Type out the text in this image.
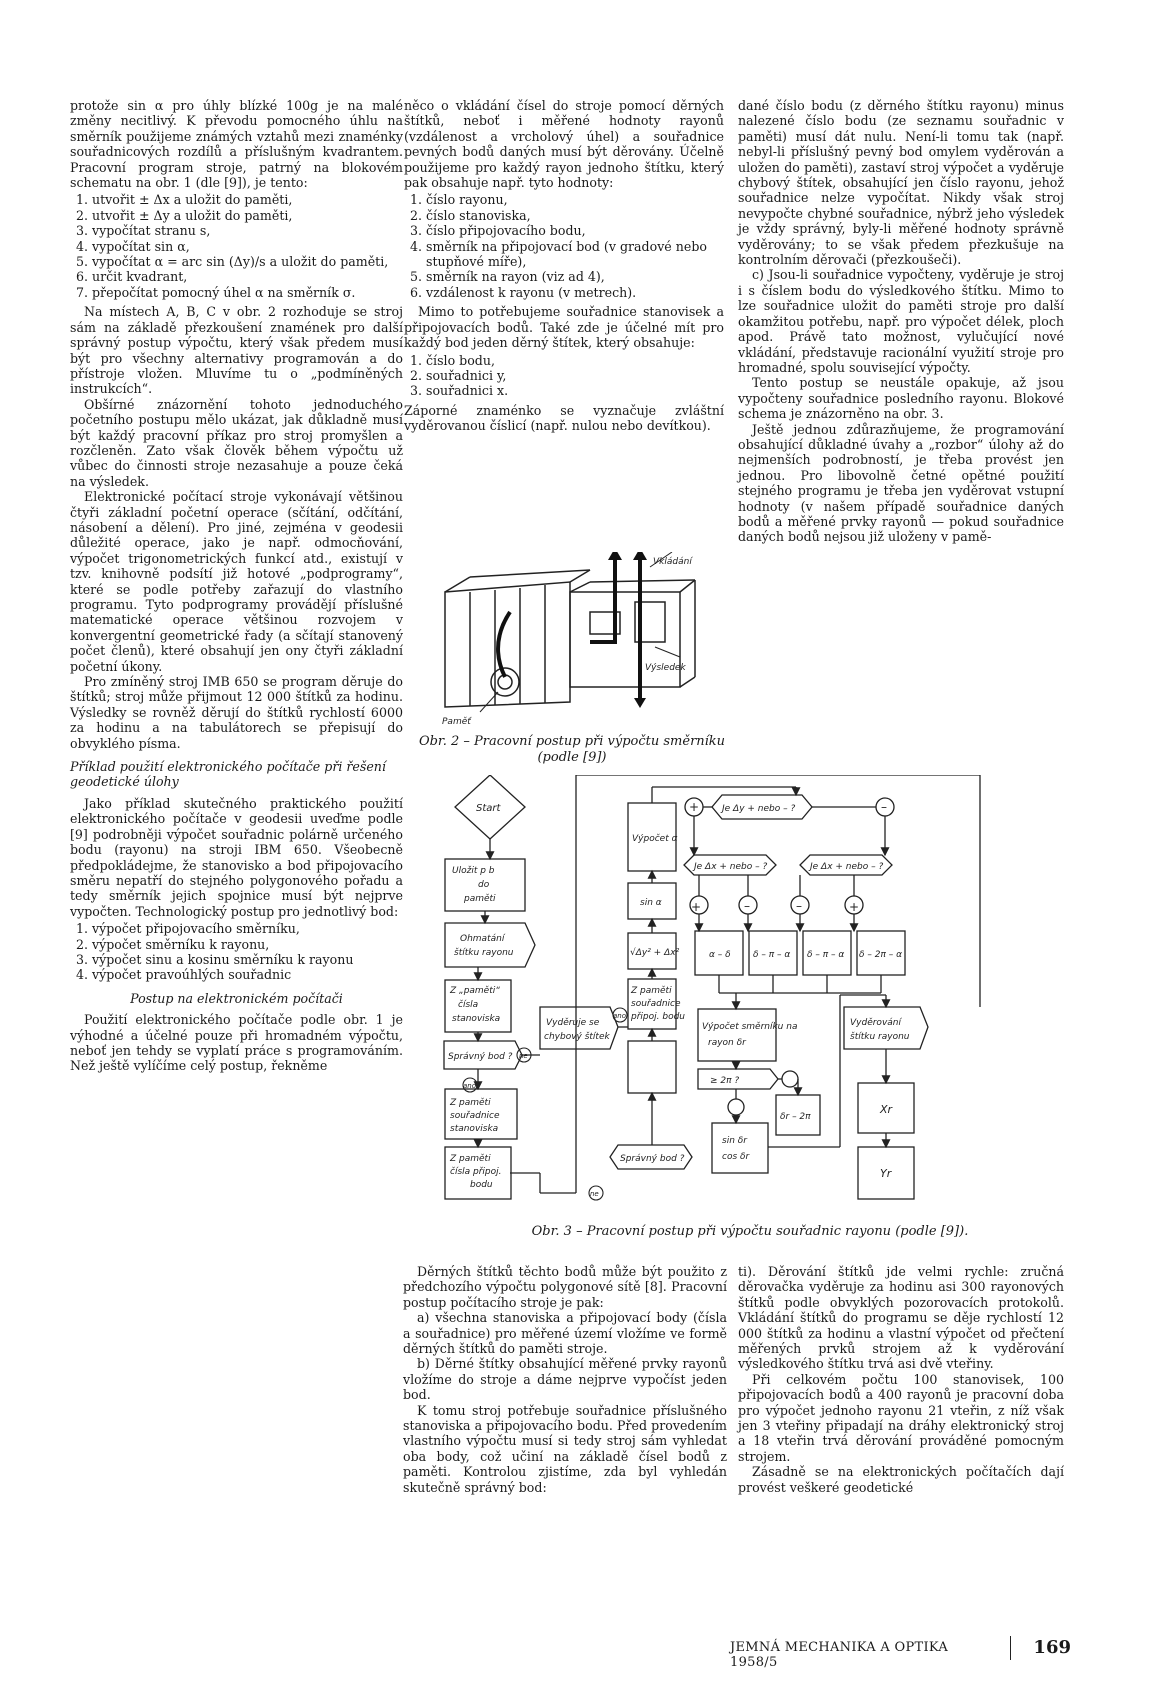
protože sin α pro úhly blízké 100g je na malé změny necitlivý. K převodu pomocného úhlu na směrník použijeme známých vztahů mezi znaménky souřadnicových rozdílů a příslušným kvadrantem. Pracovní program stroje, patrný na blokovém schematu na obr. 1 (dle [9]), je tento:

1. utvořit ± Δx a uložit do paměti,
2. utvořit ± Δy a uložit do paměti,
3. vypočítat stranu s,
4. vypočítat sin α,
5. vypočítat α = arc sin (Δy)/s a uložit do paměti,
6. určit kvadrant,
7. přepočítat pomocný úhel α na směrník σ.

Na místech A, B, C v obr. 2 rozhoduje se stroj sám na základě přezkoušení znamének pro další správný postup výpočtu, který však předem musí být pro všechny alternativy programován a do přístroje vložen. Mluvíme tu o „podmíněných instrukcích“.

Obšírné znázornění tohoto jednoduchého početního postupu mělo ukázat, jak důkladně musí být každý pracovní příkaz pro stroj promyšlen a rozčleněn. Zato však člověk během výpočtu už vůbec do činnosti stroje nezasahuje a pouze čeká na výsledek.

Elektronické počítací stroje vykonávají většinou čtyři základní početní operace (sčítání, odčítání, násobení a dělení). Pro jiné, zejména v geodesii důležité operace, jako je např. odmocňování, výpočet trigonometrických funkcí atd., existují v tzv. knihovně podsítí již hotové „podprogramy“, které se podle potřeby zařazují do vlastního programu. Tyto podprogramy provádějí příslušné matematické operace většinou rozvojem v konvergentní geometrické řady (a sčítají stanovený počet členů), které obsahují jen ony čtyři základní početní úkony.

Pro zmíněný stroj IMB 650 se program děruje do štítků; stroj může přijmout 12 000 štítků za hodinu. Výsledky se rovněž děrují do štítků rychlostí 6000 za hodinu a na tabulátorech se přepisují do obvyklého písma.

Příklad použití elektronického počítače při řešení geodetické úlohy

Jako příklad skutečného praktického použití elektronického počítače v geodesii uveďme podle [9] podrobněji výpočet souřadnic polárně určeného bodu (rayonu) na stroji IBM 650. Všeobecně předpokládejme, že stanovisko a bod připojovacího směru nepatří do stejného polygonového pořadu a tedy směrník jejich spojnice musí být nejprve vypočten. Technologický postup pro jednotlivý bod:

1. výpočet připojovacího směrníku,
2. výpočet směrníku k rayonu,
3. výpočet sinu a kosinu směrníku k rayonu
4. výpočet pravoúhlých souřadnic
Postup na elektronickém počítači

Použití elektronického počítače podle obr. 1 je výhodné a účelné pouze při hromadném výpočtu, neboť jen tehdy se vyplatí práce s programováním. Než ještě vylíčíme celý postup, řekněme

něco o vkládání čísel do stroje pomocí děrných štítků, neboť i měřené hodnoty rayonů (vzdálenost a vrcholový úhel) a souřadnice pevných bodů daných musí být děrovány. Účelně použijeme pro každý rayon jednoho štítku, který pak obsahuje např. tyto hodnoty:

1. číslo rayonu,
2. číslo stanoviska,
3. číslo připojovacího bodu,
4. směrník na připojovací bod (v gradové nebo stupňové míře),
5. směrník na rayon (viz ad 4),
6. vzdálenost k rayonu (v metrech).

Mimo to potřebujeme souřadnice stanovisek a připojovacích bodů. Také zde je účelné mít pro každý bod jeden děrný štítek, který obsahuje:

1. číslo bodu,
2. souřadnici y,
3. souřadnici x.

Záporné znaménko se vyznačuje zvláštní vyděrovanou číslicí (např. nulou nebo devítkou).

Vkládání
Výsledek
Paměť
Obr. 2 – Pracovní postup při výpočtu směrníku (podle [9])

dané číslo bodu (z děrného štítku rayonu) minus nalezené číslo bodu (ze seznamu souřadnic v paměti) musí dát nulu. Není-li tomu tak (např. nebyl-li příslušný pevný bod omylem vyděrován a uložen do paměti), zastaví stroj výpočet a vyděruje chybový štítek, obsahující jen číslo rayonu, jehož souřadnice nelze vypočítat. Nikdy však stroj nevypočte chybné souřadnice, nýbrž jeho výsledek je vždy správný, byly-li měřené hodnoty správně vyděrovány; to se však předem přezkušuje na kontrolním děrovači (přezkoušeči).

c) Jsou-li souřadnice vypočteny, vyděruje je stroj i s číslem bodu do výsledkového štítku. Mimo to lze souřadnice uložit do paměti stroje pro další okamžitou potřebu, např. pro výpočet délek, ploch apod. Právě tato možnost, vylučující nové vkládání, představuje racionální využití stroje pro hromadné, spolu související výpočty.

Tento postup se neustále opakuje, až jsou vypočteny souřadnice posledního rayonu. Blokové schema je znázorněno na obr. 3.

Ještě jednou zdůrazňujeme, že programování obsahující důkladné úvahy a „rozbor“ úlohy až do nejmenších podrobností, je třeba provést jen jednou. Pro libovolně četné opětné použití stejného programu je třeba jen vyděrovat vstupní hodnoty (v našem případě souřadnice daných bodů a měřené prvky rayonů — pokud souřadnice daných bodů nejsou již uloženy v pamě-

Start
Uložit p b
do
paměti
Ohmatání
štítku rayonu
Z „paměti“
čísla
stanoviska
Správný bod ?
Z paměti
souřadnice
stanoviska
Z paměti
čísla připoj.
bodu
Vyděruje se
chybový štítek
Výpočet α
sin α
√Δy² + Δx²
Z paměti
souřadnice
připoj. bodu
Správný bod ?
Je Δy + nebo – ?
Je Δx + nebo – ?	Je Δx + nebo – ?
α – δ δ – π – α δ – π – α δ – 2π – α
Výpočet směrníku na
rayon δr
≥ 2π ?
δr – 2π
sin δr
cos δr
Vyděrování
štítku rayonu
Xr
Yr
ano
ne
ne
ano
+	–	–	+
+	–
Obr. 3 – Pracovní postup při výpočtu souřadnic rayonu (podle [9]).

Děrných štítků těchto bodů může být použito z předchozího výpočtu polygonové sítě [8]. Pracovní postup počítacího stroje je pak:

a) všechna stanoviska a připojovací body (čísla a souřadnice) pro měřené území vložíme ve formě děrných štítků do paměti stroje.

b) Děrné štítky obsahující měřené prvky rayonů vložíme do stroje a dáme nejprve vypočíst jeden bod.

K tomu stroj potřebuje souřadnice příslušného stanoviska a připojovacího bodu. Před provedením vlastního výpočtu musí si tedy stroj sám vyhledat oba body, což učiní na základě čísel bodů z paměti. Kontrolou zjistíme, zda byl vyhledán skutečně správný bod:

ti). Děrování štítků jde velmi rychle: zručná děrovačka vyděruje za hodinu asi 300 rayonových štítků podle obvyklých pozorovacích protokolů. Vkládání štítků do programu se děje rychlostí 12 000 štítků za hodinu a vlastní výpočet od přečtení měřených prvků strojem až k vyděrování výsledkového štítku trvá asi dvě vteřiny.

Při celkovém počtu 100 stanovisek, 100 připojovacích bodů a 400 rayonů je pracovní doba pro výpočet jednoho rayonu 21 vteřin, z níž však jen 3 vteřiny připadají na dráhy elektronický stroj a 18 vteřin trvá děrování prováděné pomocným strojem.

Zásadně se na elektronických počítačích dají provést veškeré geodetické

JEMNÁ MECHANIKA A OPTIKA 1958/5
169
